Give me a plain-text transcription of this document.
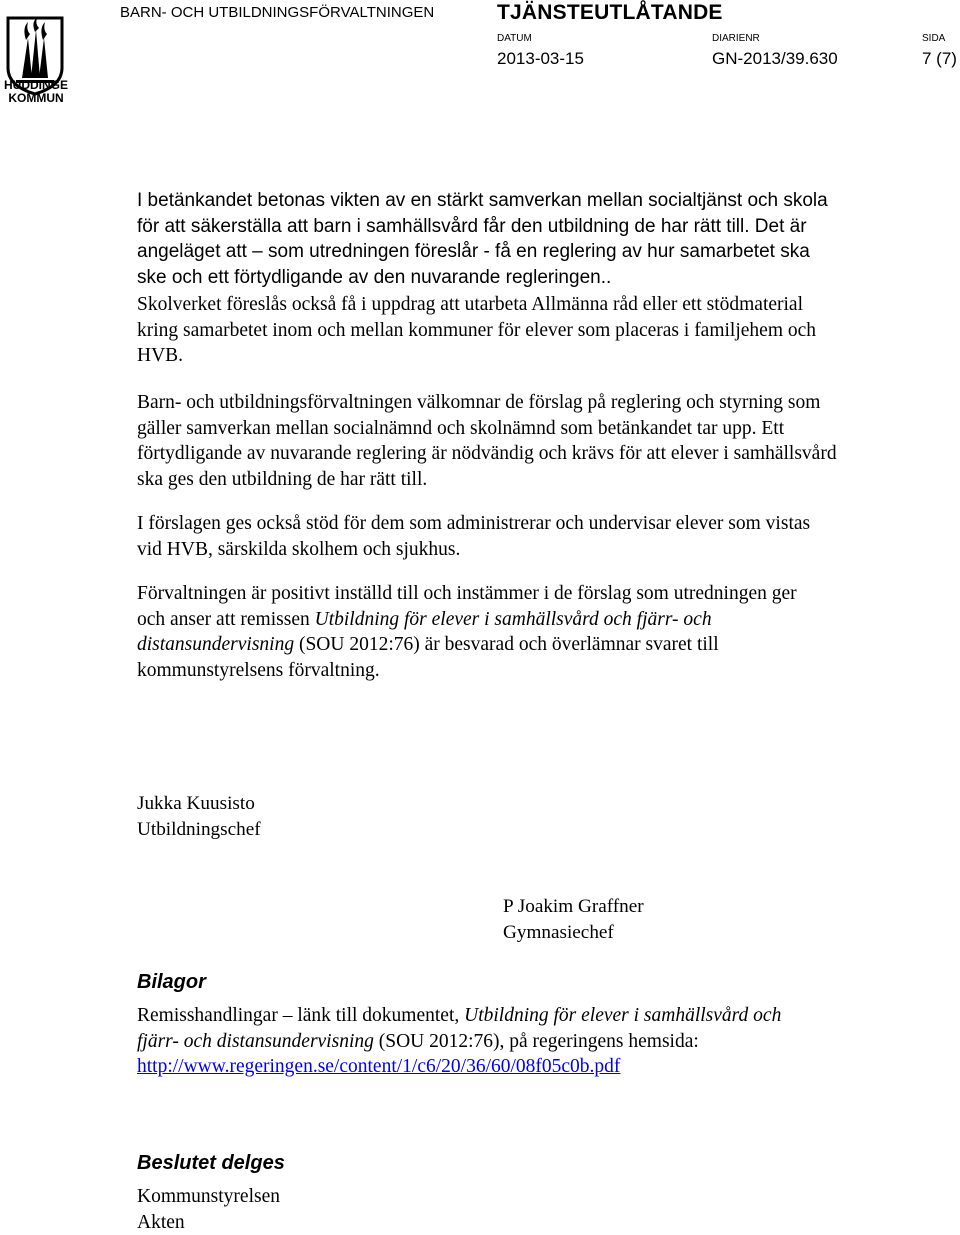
HUDDINGE
KOMMUN
BARN- OCH UTBILDNINGSFÖRVALTNINGEN	TJÄNSTEUTLÅTANDE
DATUM
2013-03-15
DIARIENR
GN-2013/39.630
SIDA
7 (7)

I betänkandet betonas vikten av en stärkt samverkan mellan socialtjänst och skola för att säkerställa att barn i samhällsvård får den utbildning de har rätt till. Det är angeläget att – som utredningen föreslår - få en reglering av hur samarbetet ska ske och ett förtydligande av den nuvarande regleringen..

Skolverket föreslås också få i uppdrag att utarbeta Allmänna råd eller ett stödmaterial kring samarbetet inom och mellan kommuner för elever som placeras i familjehem och HVB.

Barn- och utbildningsförvaltningen välkomnar de förslag på reglering och styrning som gäller samverkan mellan socialnämnd och skolnämnd som betänkandet tar upp. Ett förtydligande av nuvarande reglering är nödvändig och krävs för att elever i samhällsvård ska ges den utbildning de har rätt till.

I förslagen ges också stöd för dem som administrerar och undervisar elever som vistas vid HVB, särskilda skolhem och sjukhus.

Förvaltningen är positivt inställd till och instämmer i de förslag som utredningen ger och anser att remissen Utbildning för elever i samhällsvård och fjärr- och distansundervisning (SOU 2012:76) är besvarad och överlämnar svaret till kommunstyrelsens förvaltning.

Jukka Kuusisto
Utbildningschef
P Joakim Graffner
Gymnasiechef
Bilagor

Remisshandlingar – länk till dokumentet, Utbildning för elever i samhällsvård och fjärr- och distansundervisning (SOU 2012:76), på regeringens hemsida:
http://www.regeringen.se/content/1/c6/20/36/60/08f05c0b.pdf

Beslutet delges
Kommunstyrelsen
Akten
